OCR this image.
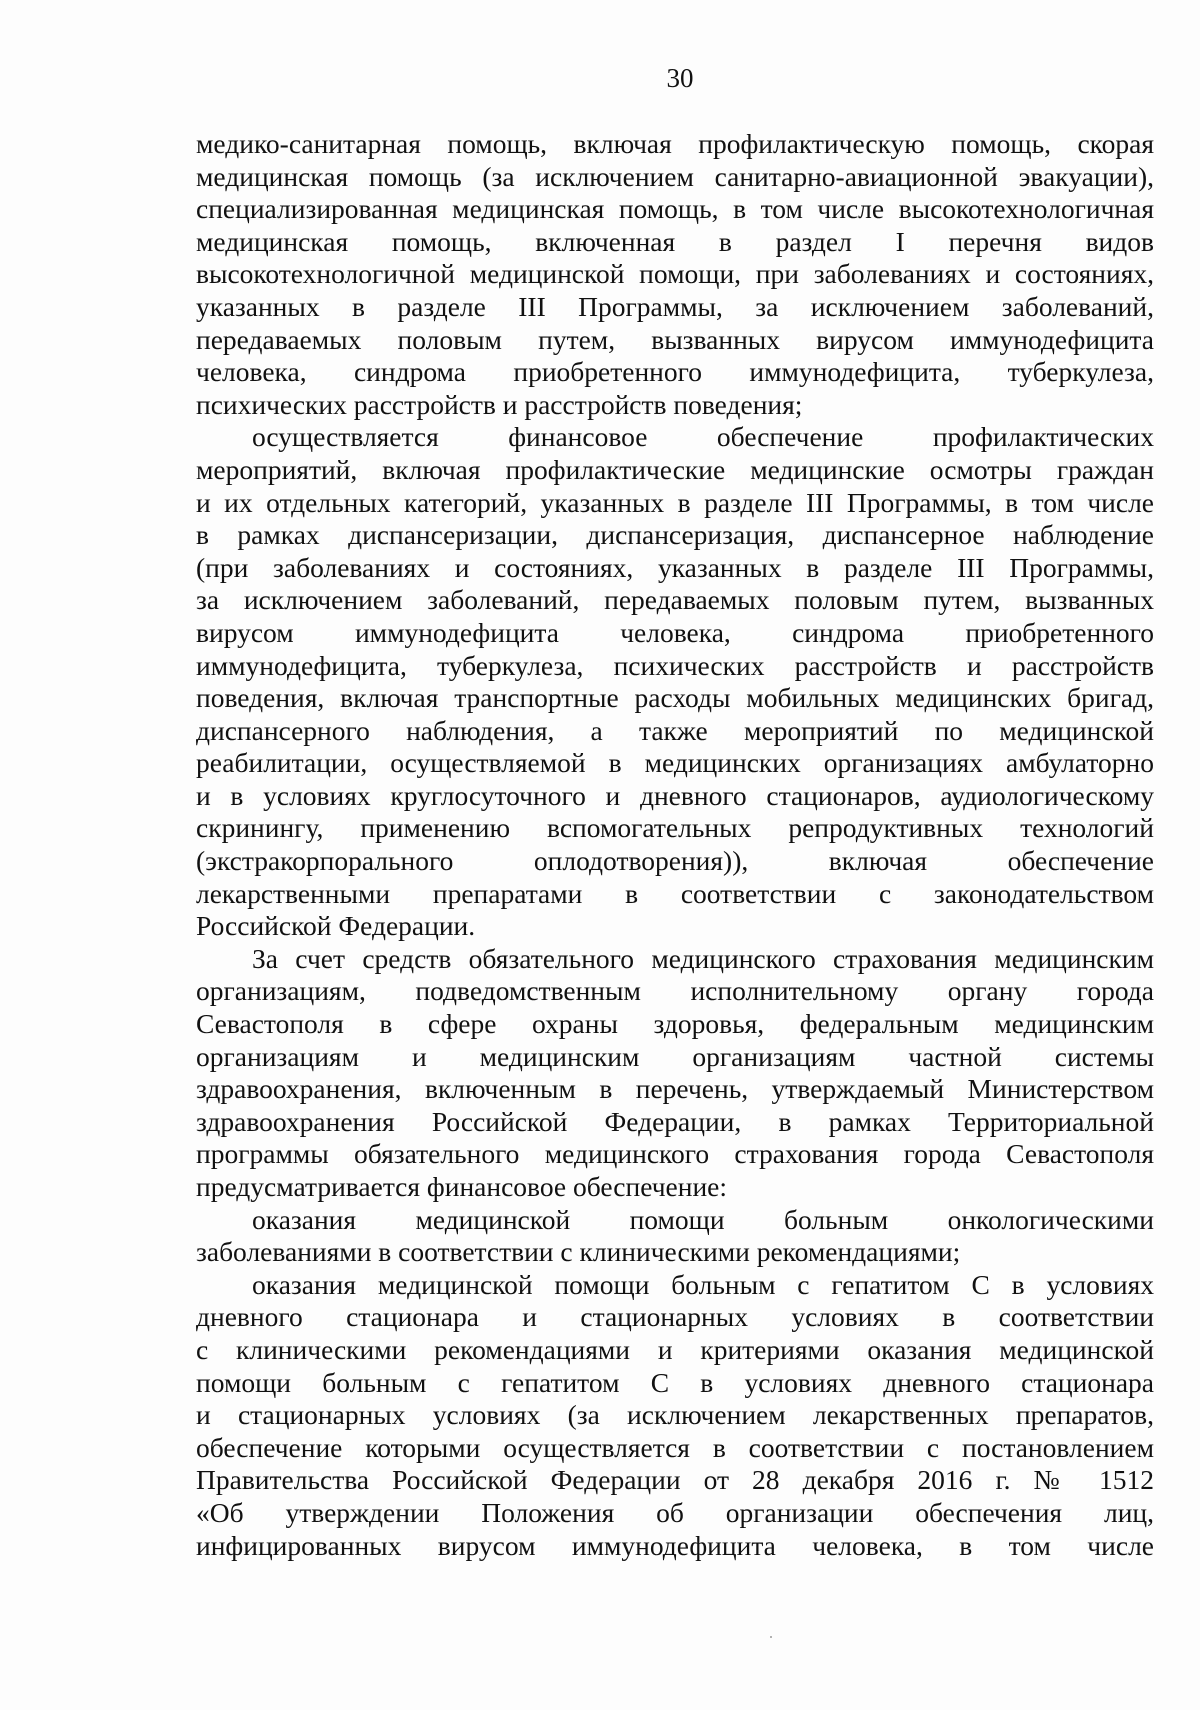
30
медико-санитарная помощь, включая профилактическую помощь, скорая
медицинская помощь (за исключением санитарно-авиационной эвакуации),
специализированная медицинская помощь, в том числе высокотехнологичная
медицинская помощь, включенная в раздел I перечня видов
высокотехнологичной медицинской помощи, при заболеваниях и состояниях,
указанных в разделе III Программы, за исключением заболеваний,
передаваемых половым путем, вызванных вирусом иммунодефицита
человека, синдрома приобретенного иммунодефицита, туберкулеза,
психических расстройств и расстройств поведения;
осуществляется финансовое обеспечение профилактических
мероприятий, включая профилактические медицинские осмотры граждан
и их отдельных категорий, указанных в разделе III Программы, в том числе
в рамках диспансеризации, диспансеризация, диспансерное наблюдение
(при заболеваниях и состояниях, указанных в разделе III Программы,
за исключением заболеваний, передаваемых половым путем, вызванных
вирусом иммунодефицита человека, синдрома приобретенного
иммунодефицита, туберкулеза, психических расстройств и расстройств
поведения, включая транспортные расходы мобильных медицинских бригад,
диспансерного наблюдения, а также мероприятий по медицинской
реабилитации, осуществляемой в медицинских организациях амбулаторно
и в условиях круглосуточного и дневного стационаров, аудиологическому
скринингу, применению вспомогательных репродуктивных технологий
(экстракорпорального оплодотворения)), включая обеспечение
лекарственными препаратами в соответствии с законодательством
Российской Федерации.
За счет средств обязательного медицинского страхования медицинским
организациям, подведомственным исполнительному органу города
Севастополя в сфере охраны здоровья, федеральным медицинским
организациям и медицинским организациям частной системы
здравоохранения, включенным в перечень, утверждаемый Министерством
здравоохранения Российской Федерации, в рамках Территориальной
программы обязательного медицинского страхования города Севастополя
предусматривается финансовое обеспечение:
оказания медицинской помощи больным онкологическими
заболеваниями в соответствии с клиническими рекомендациями;
оказания медицинской помощи больным с гепатитом С в условиях
дневного стационара и стационарных условиях в соответствии
с клиническими рекомендациями и критериями оказания медицинской
помощи больным с гепатитом С в условиях дневного стационара
и стационарных условиях (за исключением лекарственных препаратов,
обеспечение которыми осуществляется в соответствии с постановлением
Правительства Российской Федерации от 28 декабря 2016 г. № 1512
«Об утверждении Положения об организации обеспечения лиц,
инфицированных вирусом иммунодефицита человека, в том числе
